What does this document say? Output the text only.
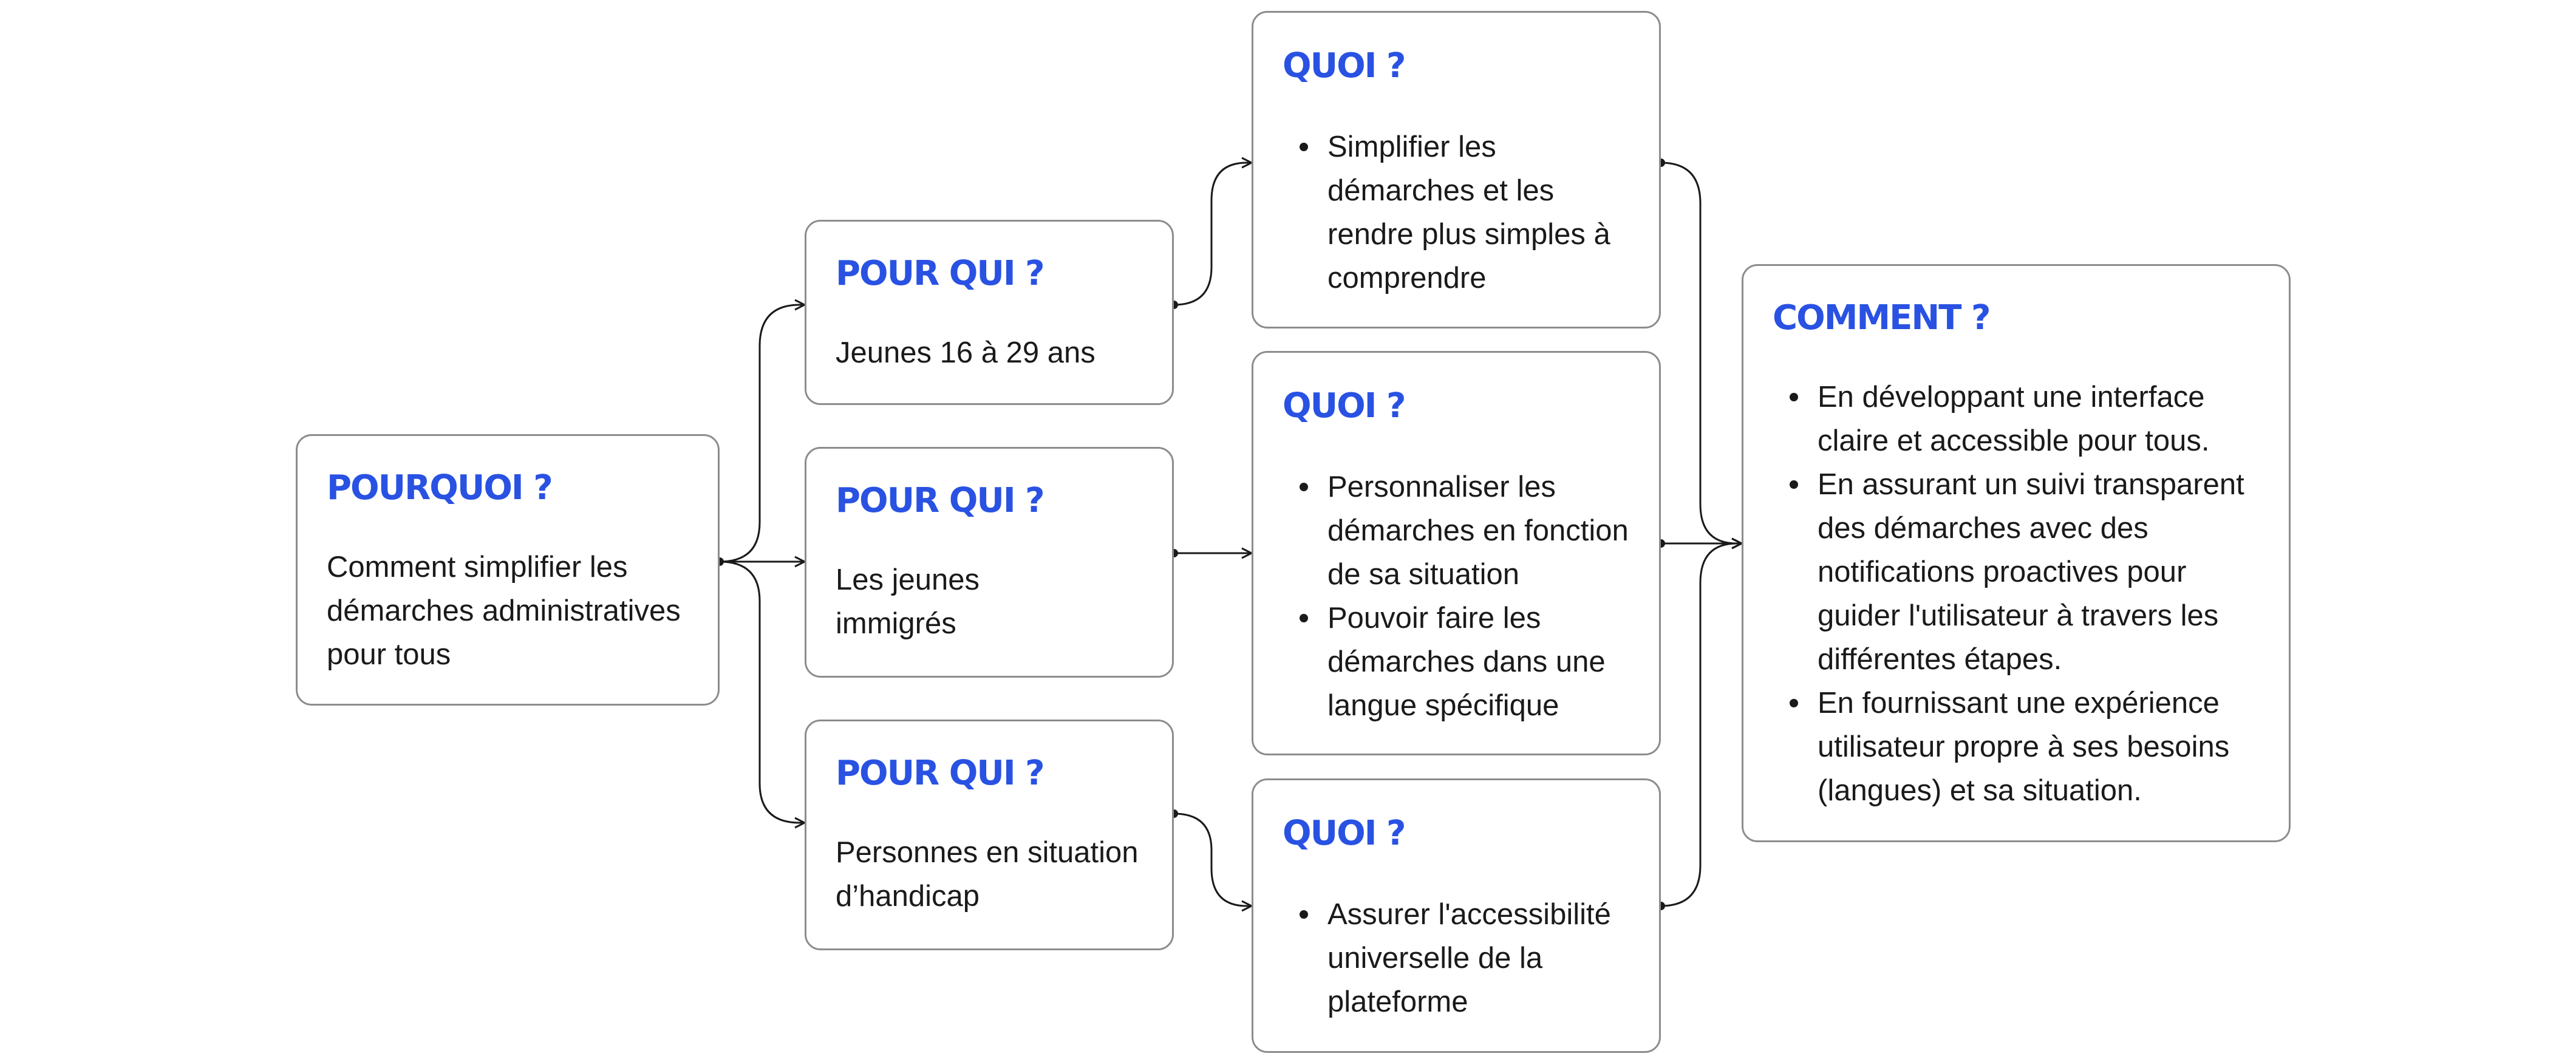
POURQUOI ?
Comment simplifier les
démarches administratives
pour tous
POUR QUI ?
Jeunes 16 à 29 ans
POUR QUI ?
Les jeunes
immigrés
POUR QUI ?
Personnes en situation
d’handicap
QUOI ?
Simplifier les
démarches et les
rendre plus simples à
comprendre
QUOI ?
Personnaliser les
démarches en fonction
de sa situation
Pouvoir faire les
démarches dans une
langue spécifique
QUOI ?
Assurer l'accessibilité
universelle de la
plateforme
COMMENT ?
En développant une interface
claire et accessible pour tous.
En assurant un suivi transparent
des démarches avec des
notifications proactives pour
guider l'utilisateur à travers les
différentes étapes.
En fournissant une expérience
utilisateur propre à ses besoins
(langues) et sa situation.
